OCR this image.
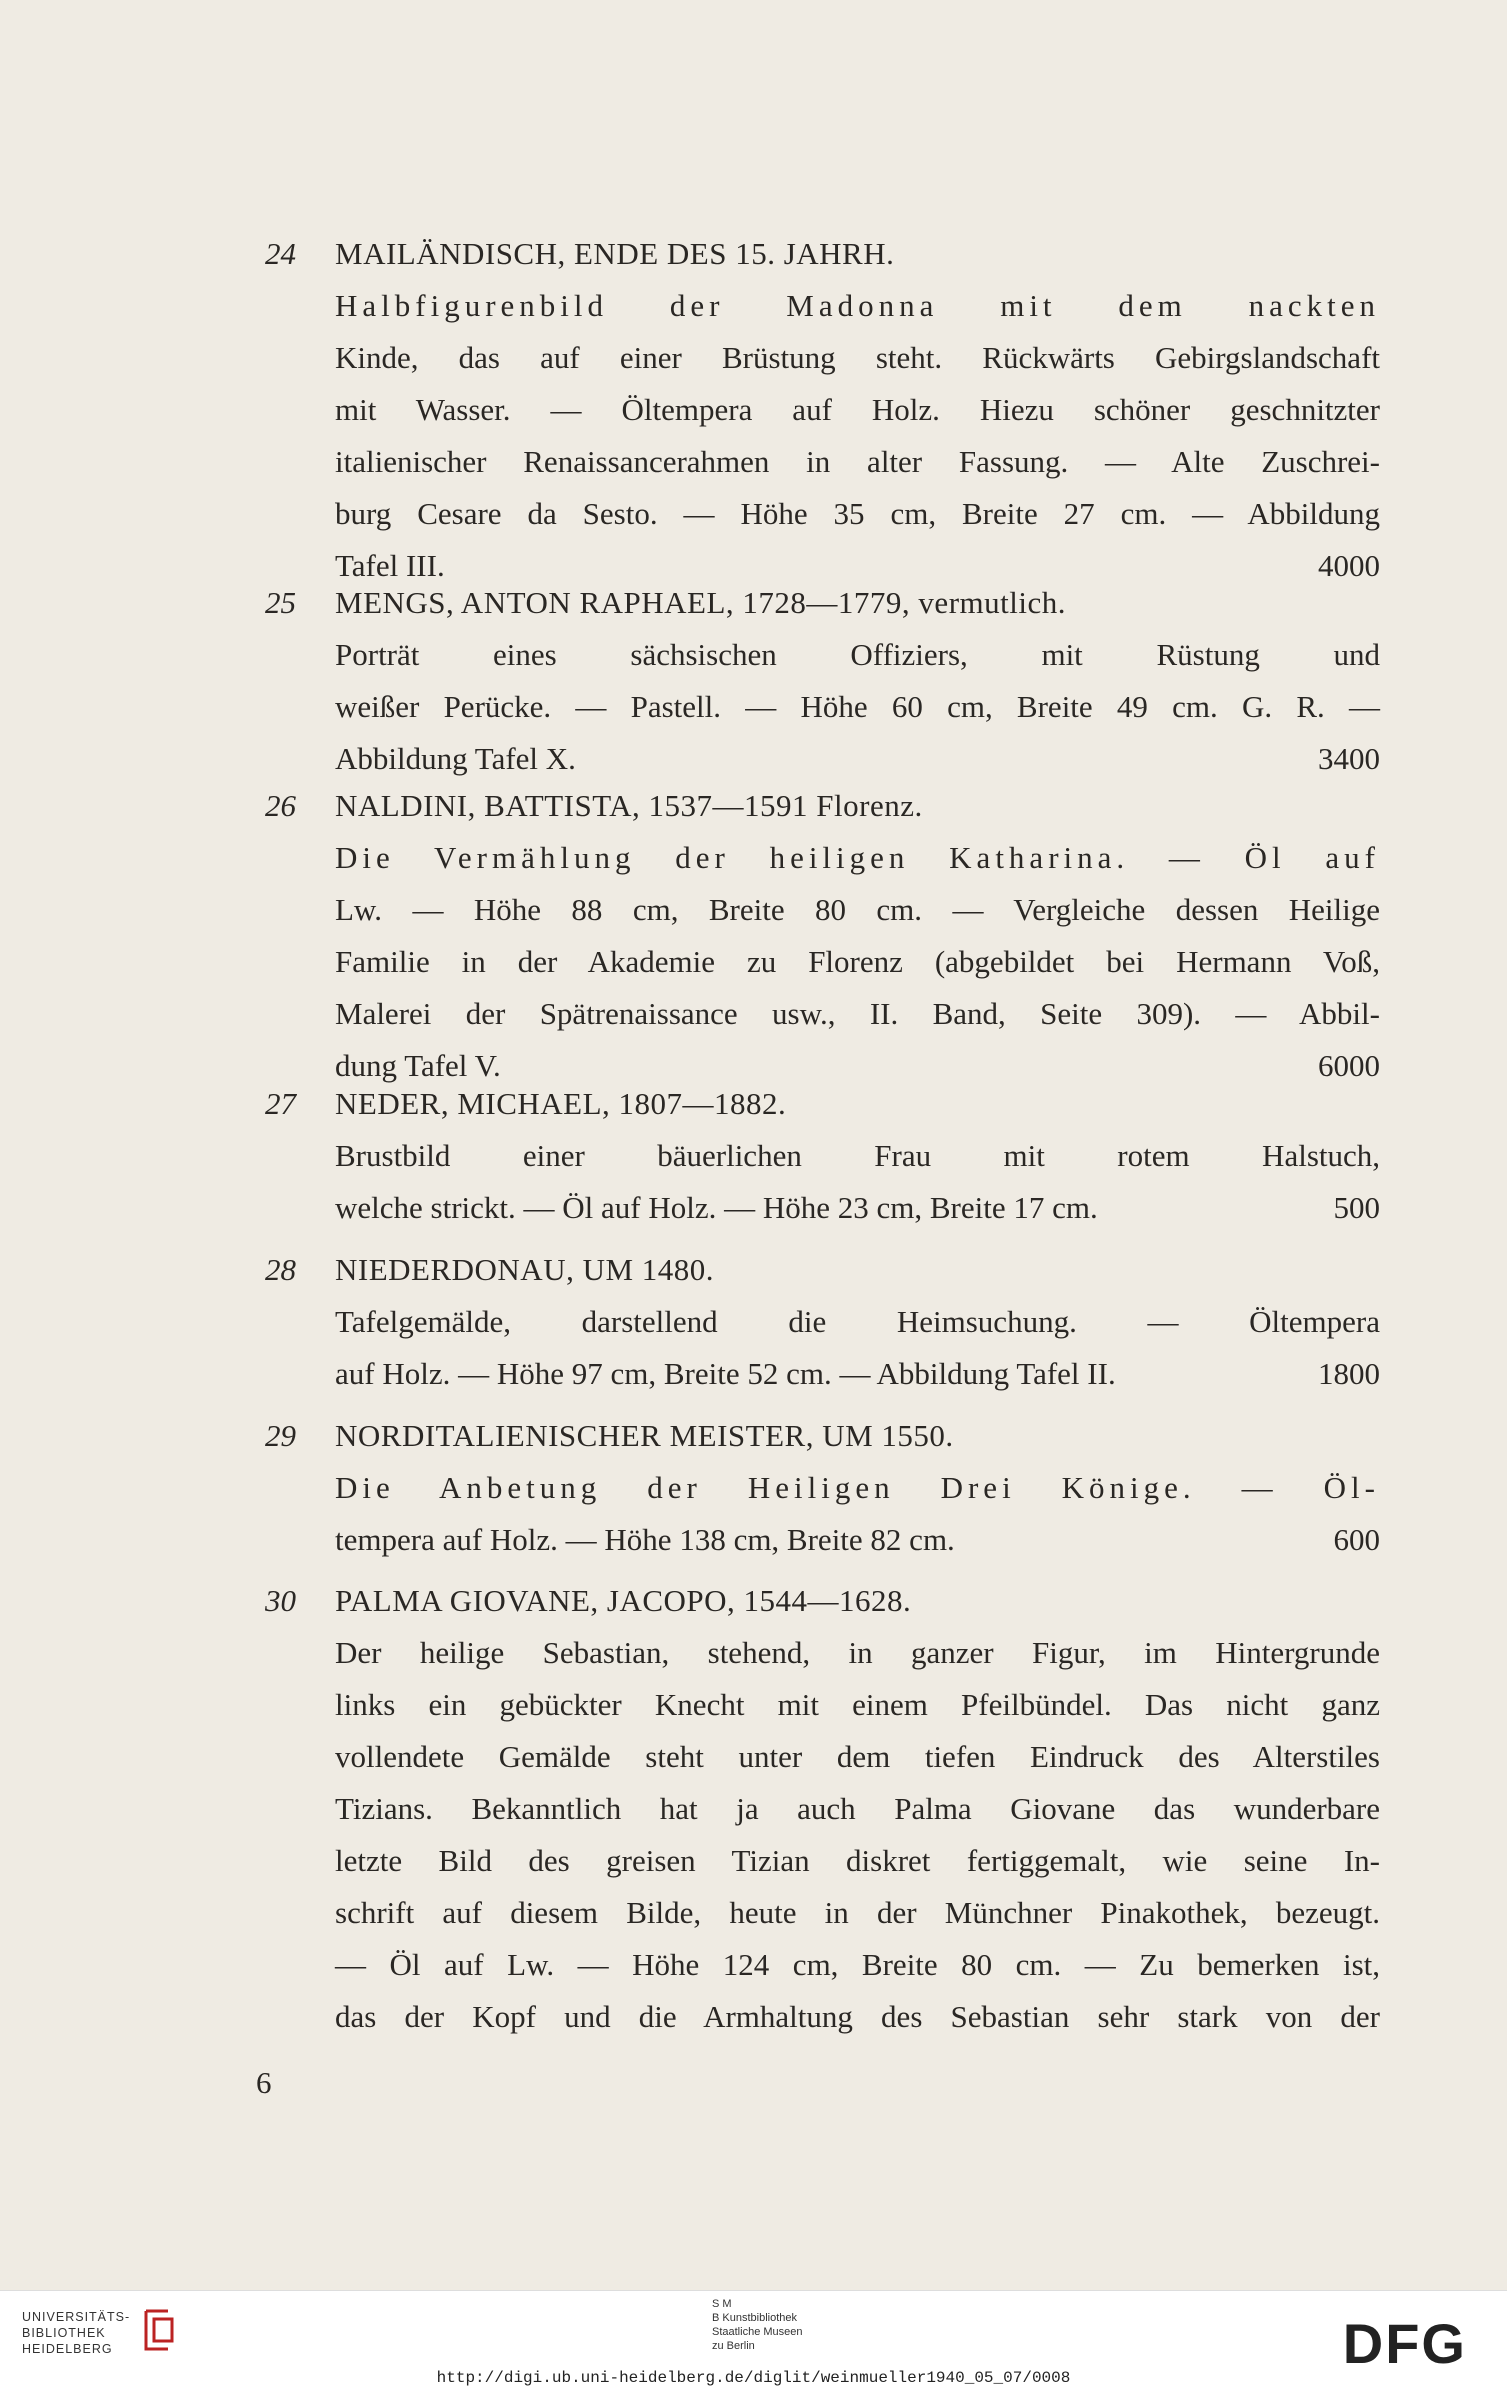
24	MAILÄNDISCH, ENDE DES 15. JAHRH.
Halbfigurenbild der Madonna mit dem nackten
Kinde, das auf einer Brüstung steht. Rückwärts Gebirgslandschaft
mit Wasser. — Öltempera auf Holz. Hiezu schöner geschnitzter
italienischer Renaissancerahmen in alter Fassung. — Alte Zuschrei-
burg Cesare da Sesto. — Höhe 35 cm, Breite 27 cm. — Abbildung
Tafel III.	4000
25	MENGS, ANTON RAPHAEL, 1728—1779, vermutlich.
Porträt eines sächsischen Offiziers, mit Rüstung und
weißer Perücke. — Pastell. — Höhe 60 cm, Breite 49 cm. G. R. —
Abbildung Tafel X.	3400
26	NALDINI, BATTISTA, 1537—1591 Florenz.
Die Vermählung der heiligen Katharina. — Öl auf
Lw. — Höhe 88 cm, Breite 80 cm. — Vergleiche dessen Heilige
Familie in der Akademie zu Florenz (abgebildet bei Hermann Voß,
Malerei der Spätrenaissance usw., II. Band, Seite 309). — Abbil-
dung Tafel V.	6000
27	NEDER, MICHAEL, 1807—1882.
Brustbild einer bäuerlichen Frau mit rotem Halstuch,
welche strickt. — Öl auf Holz. — Höhe 23 cm, Breite 17 cm.	500
28	NIEDERDONAU, UM 1480.
Tafelgemälde, darstellend die Heimsuchung. — Öltempera
auf Holz. — Höhe 97 cm, Breite 52 cm. — Abbildung Tafel II.	1800
29	NORDITALIENISCHER MEISTER, UM 1550.
Die Anbetung der Heiligen Drei Könige. — Öl-
tempera auf Holz. — Höhe 138 cm, Breite 82 cm.	600
30	PALMA GIOVANE, JACOPO, 1544—1628.
Der heilige Sebastian, stehend, in ganzer Figur, im Hintergrunde
links ein gebückter Knecht mit einem Pfeilbündel. Das nicht ganz
vollendete Gemälde steht unter dem tiefen Eindruck des Alterstiles
Tizians. Bekanntlich hat ja auch Palma Giovane das wunderbare
letzte Bild des greisen Tizian diskret fertiggemalt, wie seine In-
schrift auf diesem Bilde, heute in der Münchner Pinakothek, bezeugt.
— Öl auf Lw. — Höhe 124 cm, Breite 80 cm. — Zu bemerken ist,
das der Kopf und die Armhaltung des Sebastian sehr stark von der
6
UNIVERSITÄTS-
BIBLIOTHEK
HEIDELBERG
S M
B Kunstbibliothek
Staatliche Museen
zu Berlin	DFG
http://digi.ub.uni-heidelberg.de/diglit/weinmueller1940_05_07/0008
